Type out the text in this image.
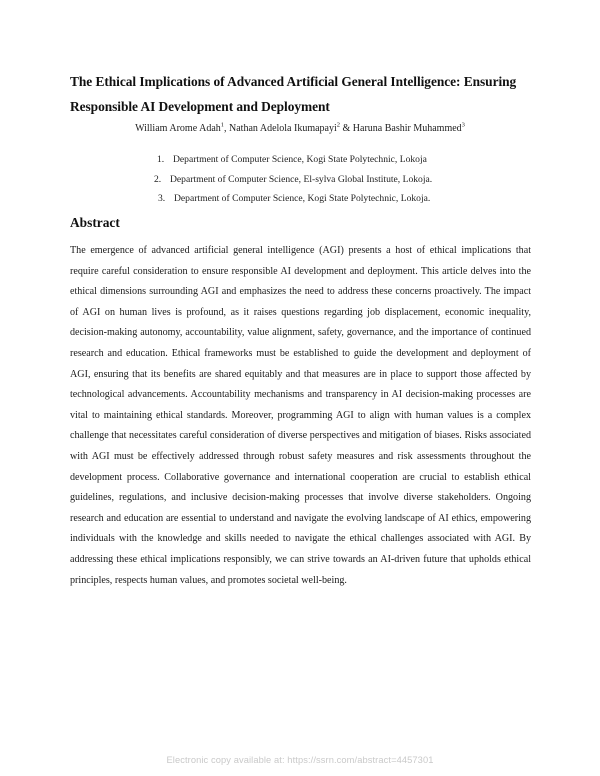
The Ethical Implications of Advanced Artificial General Intelligence: Ensuring Responsible AI Development and Deployment
William Arome Adah$^1$, Nathan Adelola Ikumapayi$^2$ & Haruna Bashir Muhammed$^3$
1. Department of Computer Science, Kogi State Polytechnic, Lokoja
2. Department of Computer Science, El-sylva Global Institute, Lokoja.
3. Department of Computer Science, Kogi State Polytechnic, Lokoja.
Abstract

The emergence of advanced artificial general intelligence (AGI) presents a host of ethical implications that require careful consideration to ensure responsible AI development and deployment. This article delves into the ethical dimensions surrounding AGI and emphasizes the need to address these concerns proactively. The impact of AGI on human lives is profound, as it raises questions regarding job displacement, economic inequality, decision-making autonomy, accountability, value alignment, safety, governance, and the importance of continued research and education. Ethical frameworks must be established to guide the development and deployment of AGI, ensuring that its benefits are shared equitably and that measures are in place to support those affected by technological advancements. Accountability mechanisms and transparency in AI decision-making processes are vital to maintaining ethical standards. Moreover, programming AGI to align with human values is a complex challenge that necessitates careful consideration of diverse perspectives and mitigation of biases. Risks associated with AGI must be effectively addressed through robust safety measures and risk assessments throughout the development process. Collaborative governance and international cooperation are crucial to establish ethical guidelines, regulations, and inclusive decision-making processes that involve diverse stakeholders. Ongoing research and education are essential to understand and navigate the evolving landscape of AI ethics, empowering individuals with the knowledge and skills needed to navigate the ethical challenges associated with AGI. By addressing these ethical implications responsibly, we can strive towards an AI-driven future that upholds ethical principles, respects human values, and promotes societal well-being.

Electronic copy available at: https://ssrn.com/abstract=4457301
